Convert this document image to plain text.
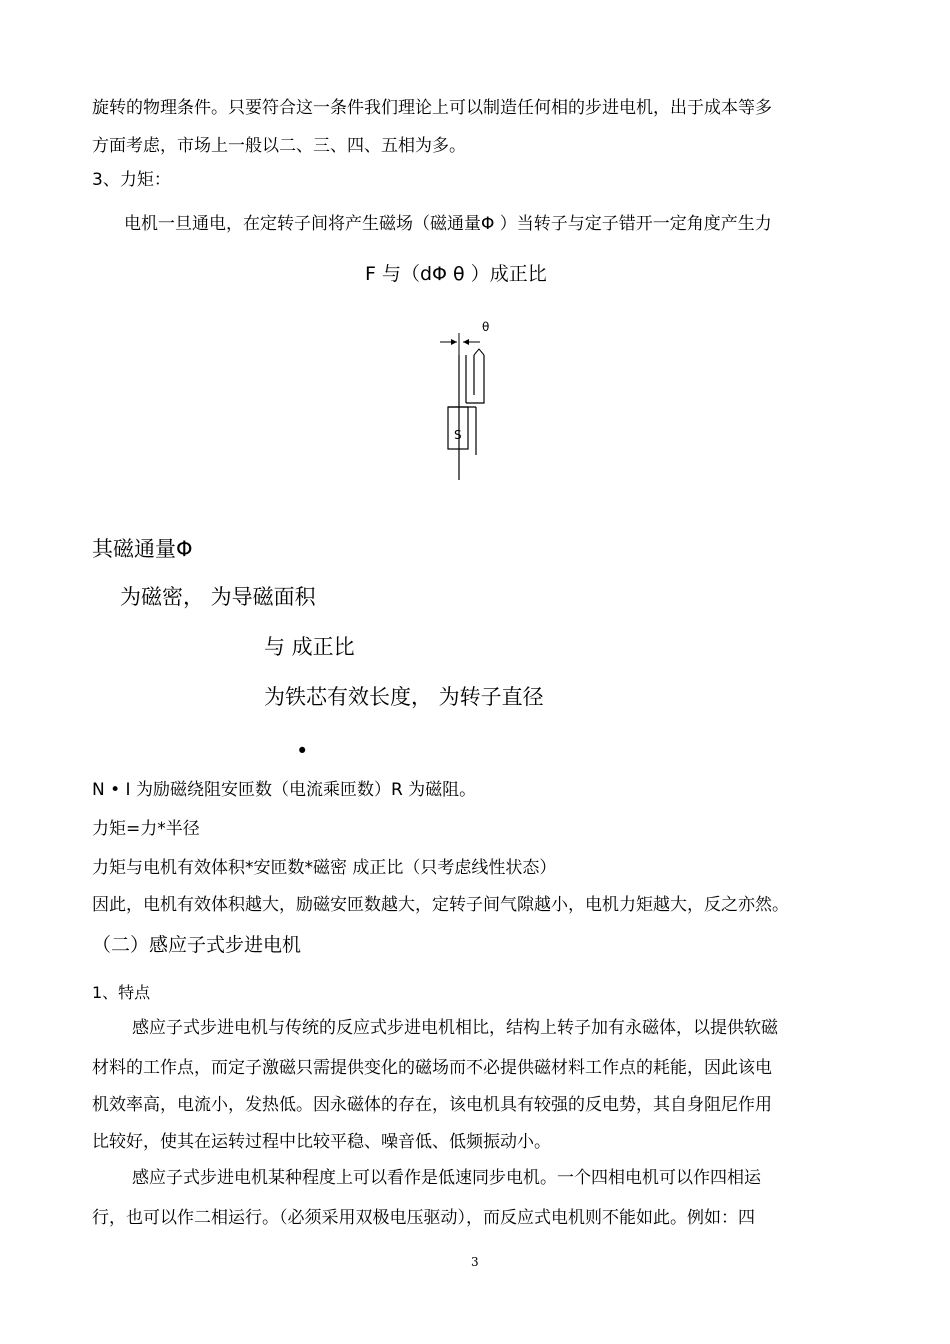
旋转的物理条件。只要符合这一条件我们理论上可以制造任何相的步进电机，出于成本等多
方面考虑，市场上一般以二、三、四、五相为多。
3、力矩：
电机一旦通电，在定转子间将产生磁场（磁通量Φ ）当转子与定子错开一定角度产生力
F 与（dΦ θ ）成正比
θ
S
其磁通量Φ
为磁密， 为导磁面积
与 成正比
为铁芯有效长度， 为转子直径
•
N • I 为励磁绕阻安匝数（电流乘匝数）R 为磁阻。
力矩=力*半径
力矩与电机有效体积*安匝数*磁密 成正比（只考虑线性状态）
因此，电机有效体积越大，励磁安匝数越大，定转子间气隙越小，电机力矩越大，反之亦然。
（二）感应子式步进电机
1、特点
感应子式步进电机与传统的反应式步进电机相比，结构上转子加有永磁体，以提供软磁
材料的工作点，而定子激磁只需提供变化的磁场而不必提供磁材料工作点的耗能，因此该电
机效率高，电流小，发热低。因永磁体的存在，该电机具有较强的反电势，其自身阻尼作用
比较好，使其在运转过程中比较平稳、噪音低、低频振动小。
感应子式步进电机某种程度上可以看作是低速同步电机。一个四相电机可以作四相运
行，也可以作二相运行。（必须采用双极电压驱动），而反应式电机则不能如此。例如：四
3
